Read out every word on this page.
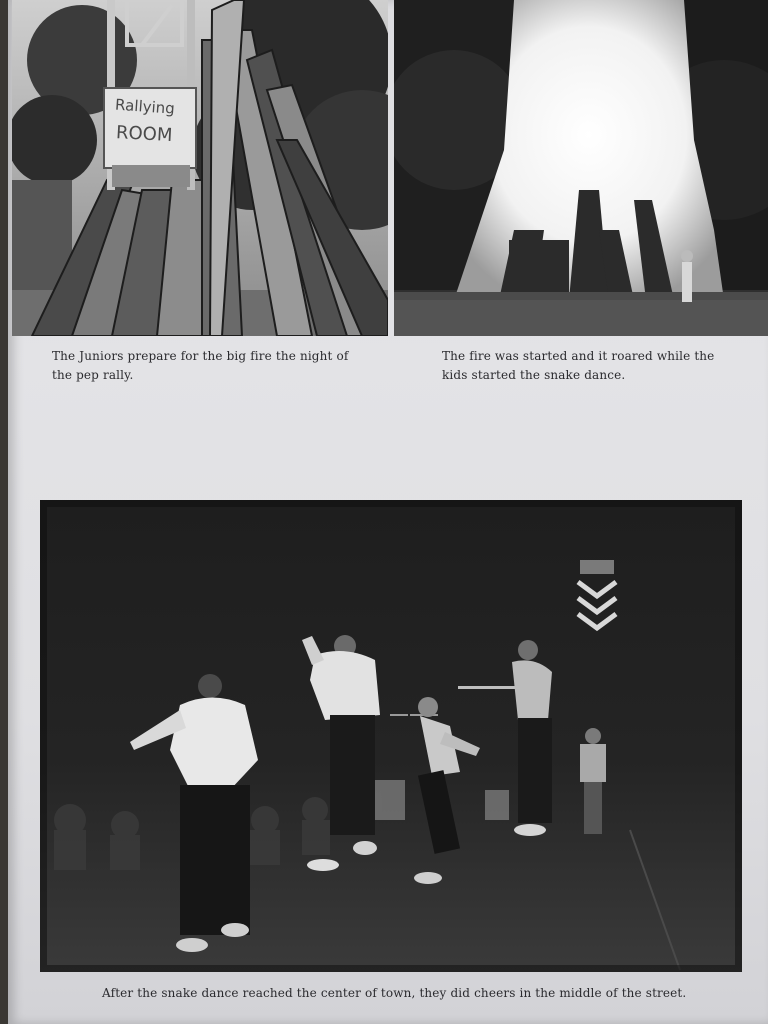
Rallying
ROOM

The Juniors prepare for the big fire the night of the pep rally.

The fire was started and it roared while the kids started the snake dance.

After the snake dance reached the center of town, they did cheers in the middle of the street.
